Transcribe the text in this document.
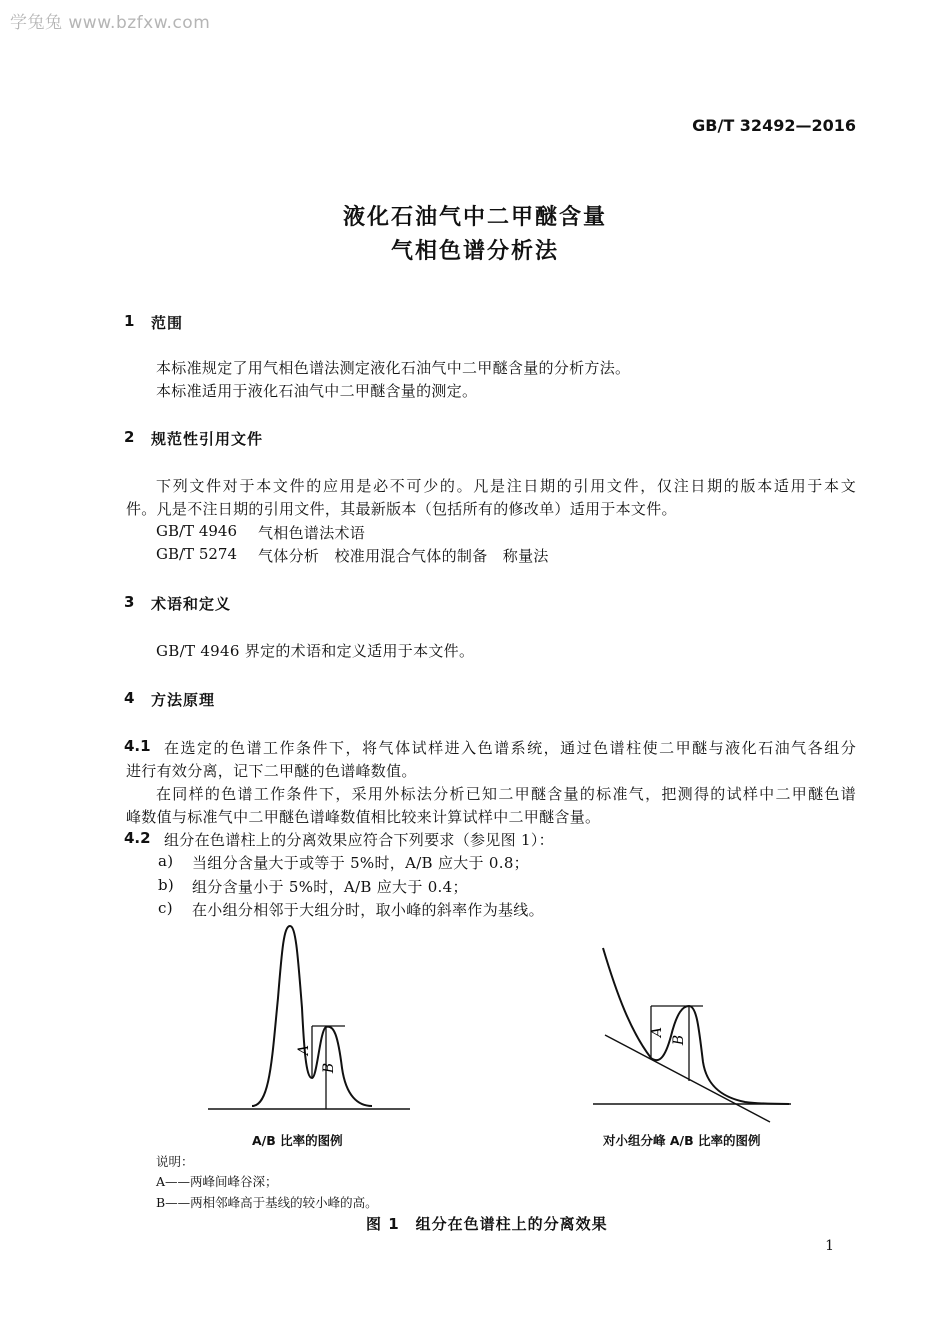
学兔兔 www.bzfxw.com
GB/T 32492—2016
液化石油气中二甲醚含量
气相色谱分析法
1 范围
本标准规定了用气相色谱法测定液化石油气中二甲醚含量的分析方法。
本标准适用于液化石油气中二甲醚含量的测定。
2 规范性引用文件
下列文件对于本文件的应用是必不可少的。凡是注日期的引用文件，仅注日期的版本适用于本文
件。凡是不注日期的引用文件，其最新版本（包括所有的修改单）适用于本文件。
GB/T 4946 气相色谱法术语
GB/T 5274 气体分析　校准用混合气体的制备　称量法
3 术语和定义
GB/T 4946 界定的术语和定义适用于本文件。
4 方法原理
4.1 在选定的色谱工作条件下，将气体试样进入色谱系统，通过色谱柱使二甲醚与液化石油气各组分
进行有效分离，记下二甲醚的色谱峰数值。
在同样的色谱工作条件下，采用外标法分析已知二甲醚含量的标准气，把测得的试样中二甲醚色谱
峰数值与标准气中二甲醚色谱峰数值相比较来计算试样中二甲醚含量。
4.2 组分在色谱柱上的分离效果应符合下列要求（参见图 1）：
a) 当组分含量大于或等于 5%时，A/B 应大于 0.8；
b) 组分含量小于 5%时，A/B 应大于 0.4；
c) 在小组分相邻于大组分时，取小峰的斜率作为基线。
A
B
A
B
A/B 比率的图例	对小组分峰 A/B 比率的图例
说明：
A——两峰间峰谷深；
B——两相邻峰高于基线的较小峰的高。
图 1　组分在色谱柱上的分离效果
1
